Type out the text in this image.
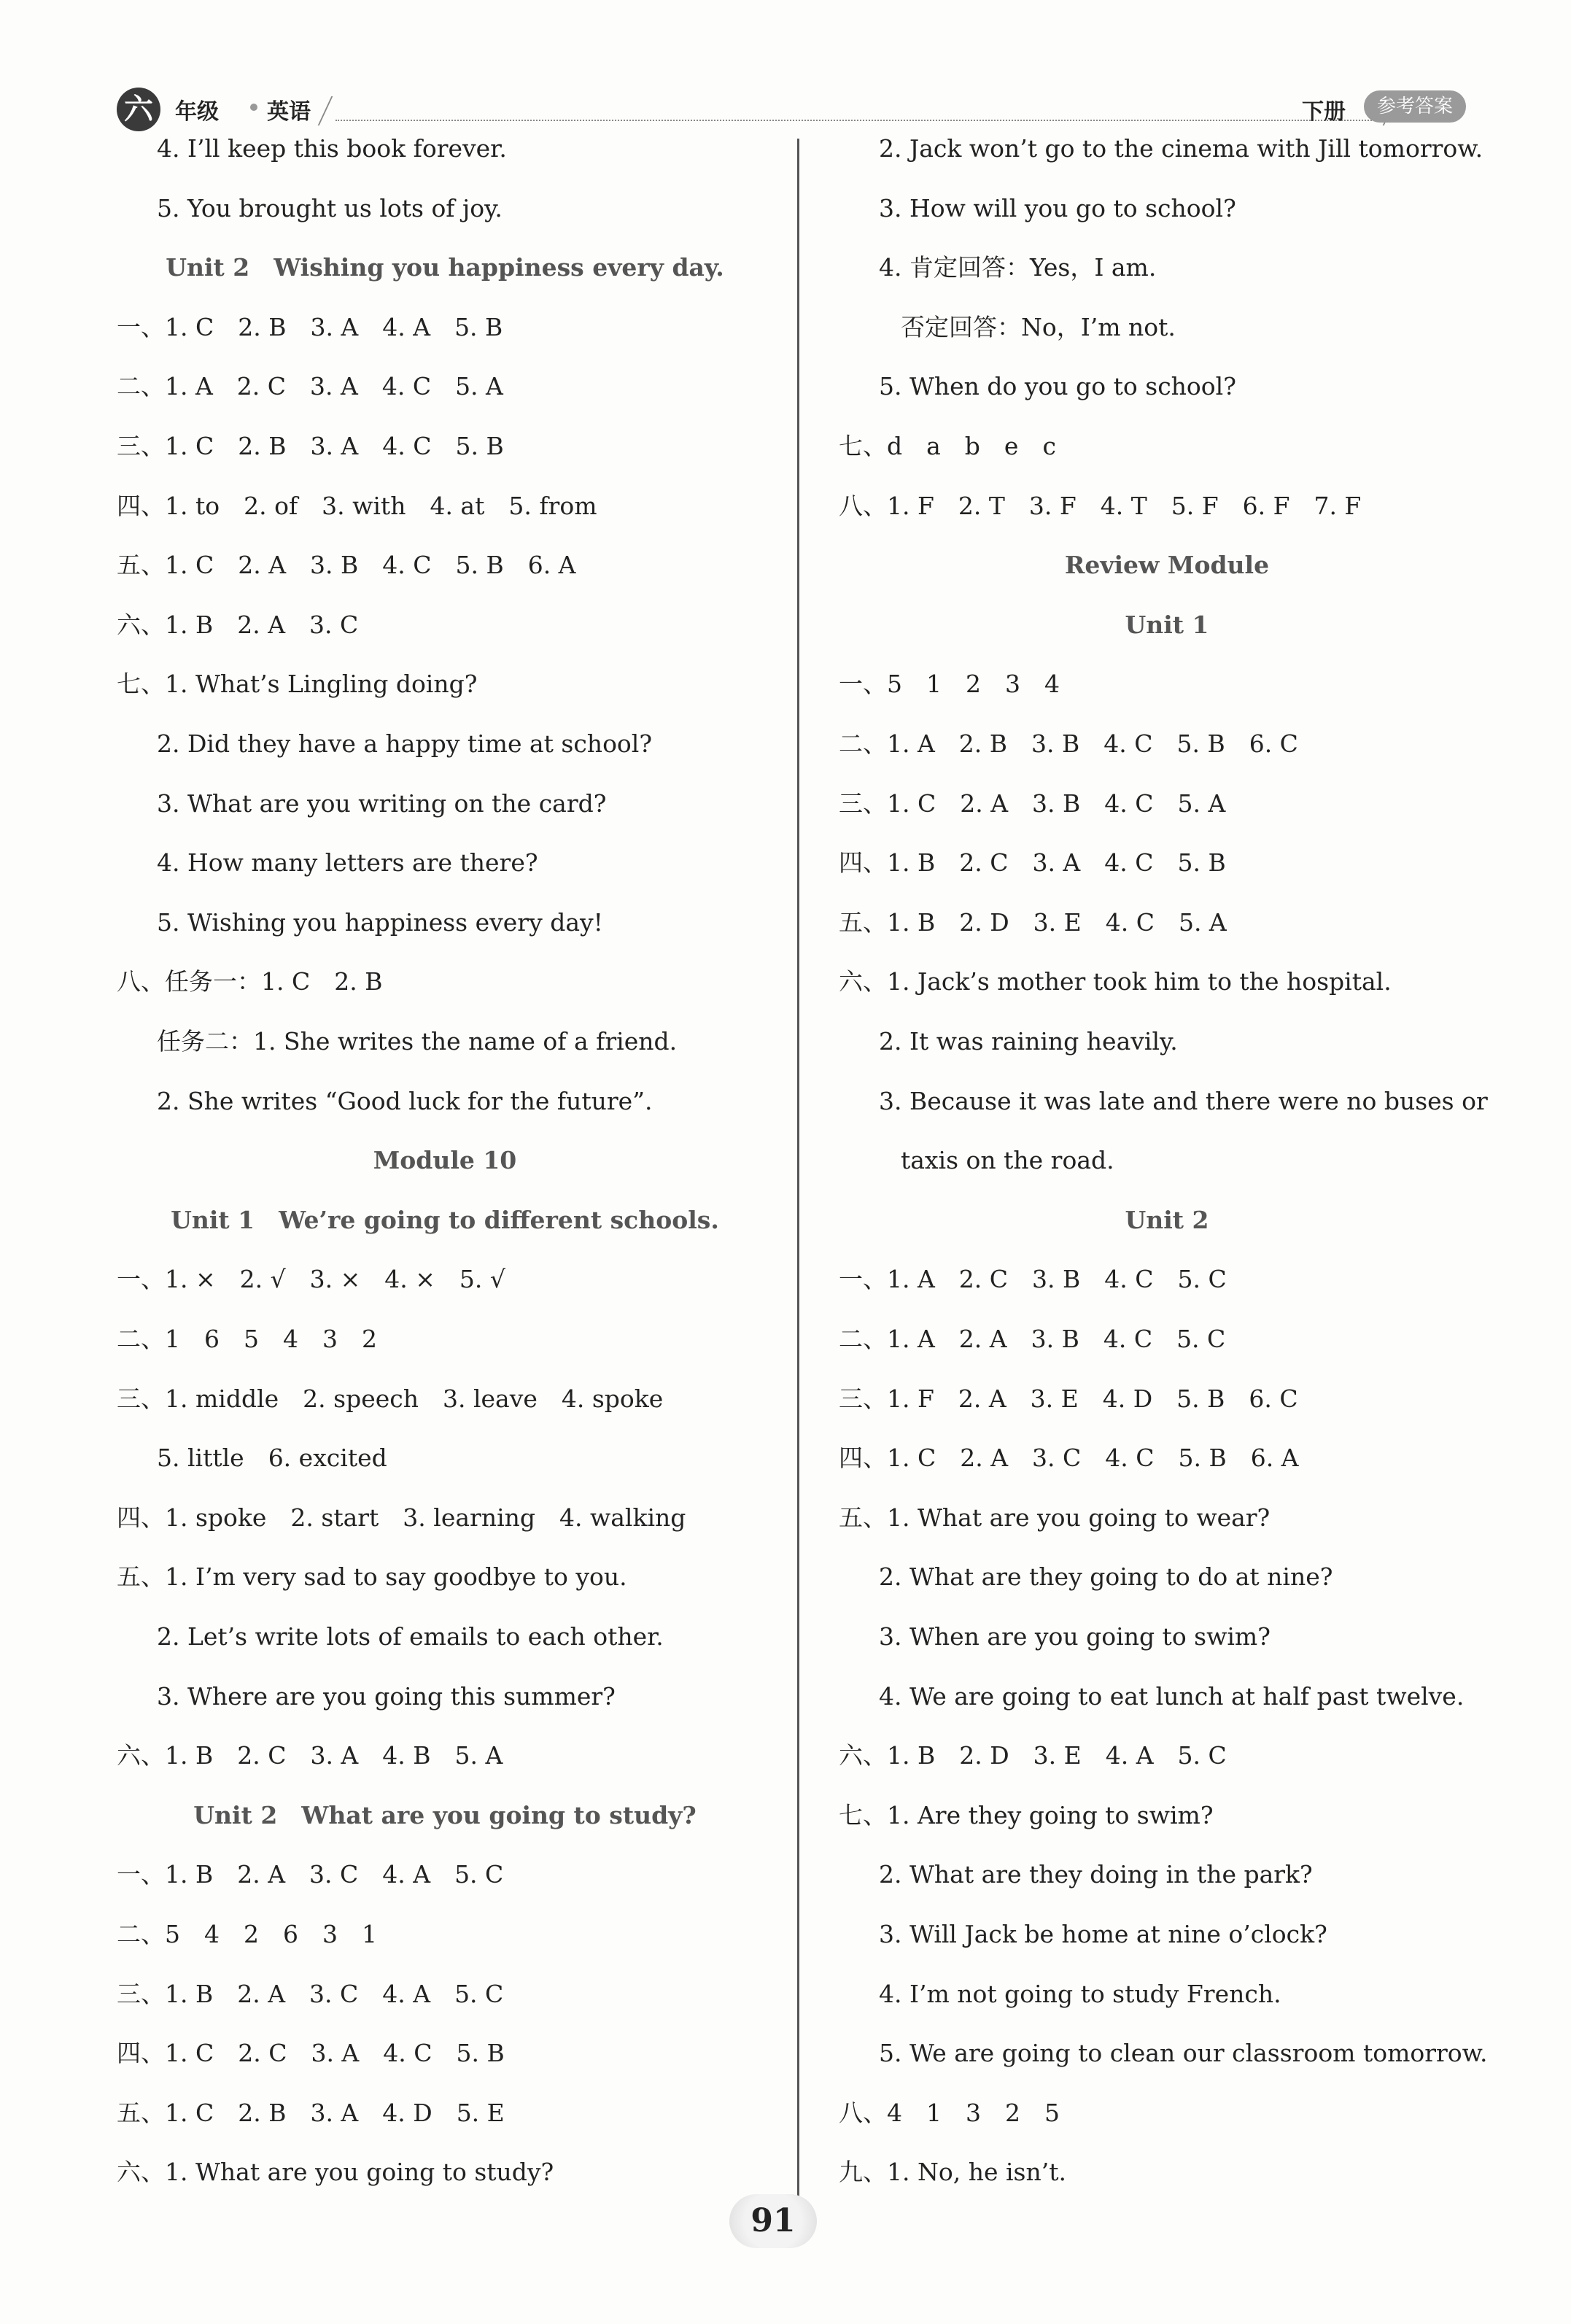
六	年级 英语	下册	参考答案
4. I’ll keep this book forever.
5. You brought us lots of joy.
Unit 2　Wishing you happiness every day.
一、1. C　2. B　3. A　4. A　5. B
二、1. A　2. C　3. A　4. C　5. A
三、1. C　2. B　3. A　4. C　5. B
四、1. to　2. of　3. with　4. at　5. from
五、1. C　2. A　3. B　4. C　5. B　6. A
六、1. B　2. A　3. C
七、1. What’s Lingling doing?
2. Did they have a happy time at school?
3. What are you writing on the card?
4. How many letters are there?
5. Wishing you happiness every day!
八、任务一：1. C　2. B
任务二：1. She writes the name of a friend.
2. She writes “Good luck for the future”.
Module 10
Unit 1　We’re going to different schools.
一、1. ×　2. √　3. ×　4. ×　5. √
二、1　6　5　4　3　2
三、1. middle　2. speech　3. leave　4. spoke
5. little　6. excited
四、1. spoke　2. start　3. learning　4. walking
五、1. I’m very sad to say goodbye to you.
2. Let’s write lots of emails to each other.
3. Where are you going this summer?
六、1. B　2. C　3. A　4. B　5. A
Unit 2　What are you going to study?
一、1. B　2. A　3. C　4. A　5. C
二、5　4　2　6　3　1
三、1. B　2. A　3. C　4. A　5. C
四、1. C　2. C　3. A　4. C　5. B
五、1. C　2. B　3. A　4. D　5. E
六、1. What are you going to study?
2. Jack won’t go to the cinema with Jill tomorrow.
3. How will you go to school?
4. 肯定回答：Yes，I am.
否定回答：No，I’m not.
5. When do you go to school?
七、d　a　b　e　c
八、1. F　2. T　3. F　4. T　5. F　6. F　7. F
Review Module
Unit 1
一、5　1　2　3　4
二、1. A　2. B　3. B　4. C　5. B　6. C
三、1. C　2. A　3. B　4. C　5. A
四、1. B　2. C　3. A　4. C　5. B
五、1. B　2. D　3. E　4. C　5. A
六、1. Jack’s mother took him to the hospital.
2. It was raining heavily.
3. Because it was late and there were no buses or
taxis on the road.
Unit 2
一、1. A　2. C　3. B　4. C　5. C
二、1. A　2. A　3. B　4. C　5. C
三、1. F　2. A　3. E　4. D　5. B　6. C
四、1. C　2. A　3. C　4. C　5. B　6. A
五、1. What are you going to wear?
2. What are they going to do at nine?
3. When are you going to swim?
4. We are going to eat lunch at half past twelve.
六、1. B　2. D　3. E　4. A　5. C
七、1. Are they going to swim?
2. What are they doing in the park?
3. Will Jack be home at nine o’clock?
4. I’m not going to study French.
5. We are going to clean our classroom tomorrow.
八、4　1　3　2　5
九、1. No, he isn’t.
91
